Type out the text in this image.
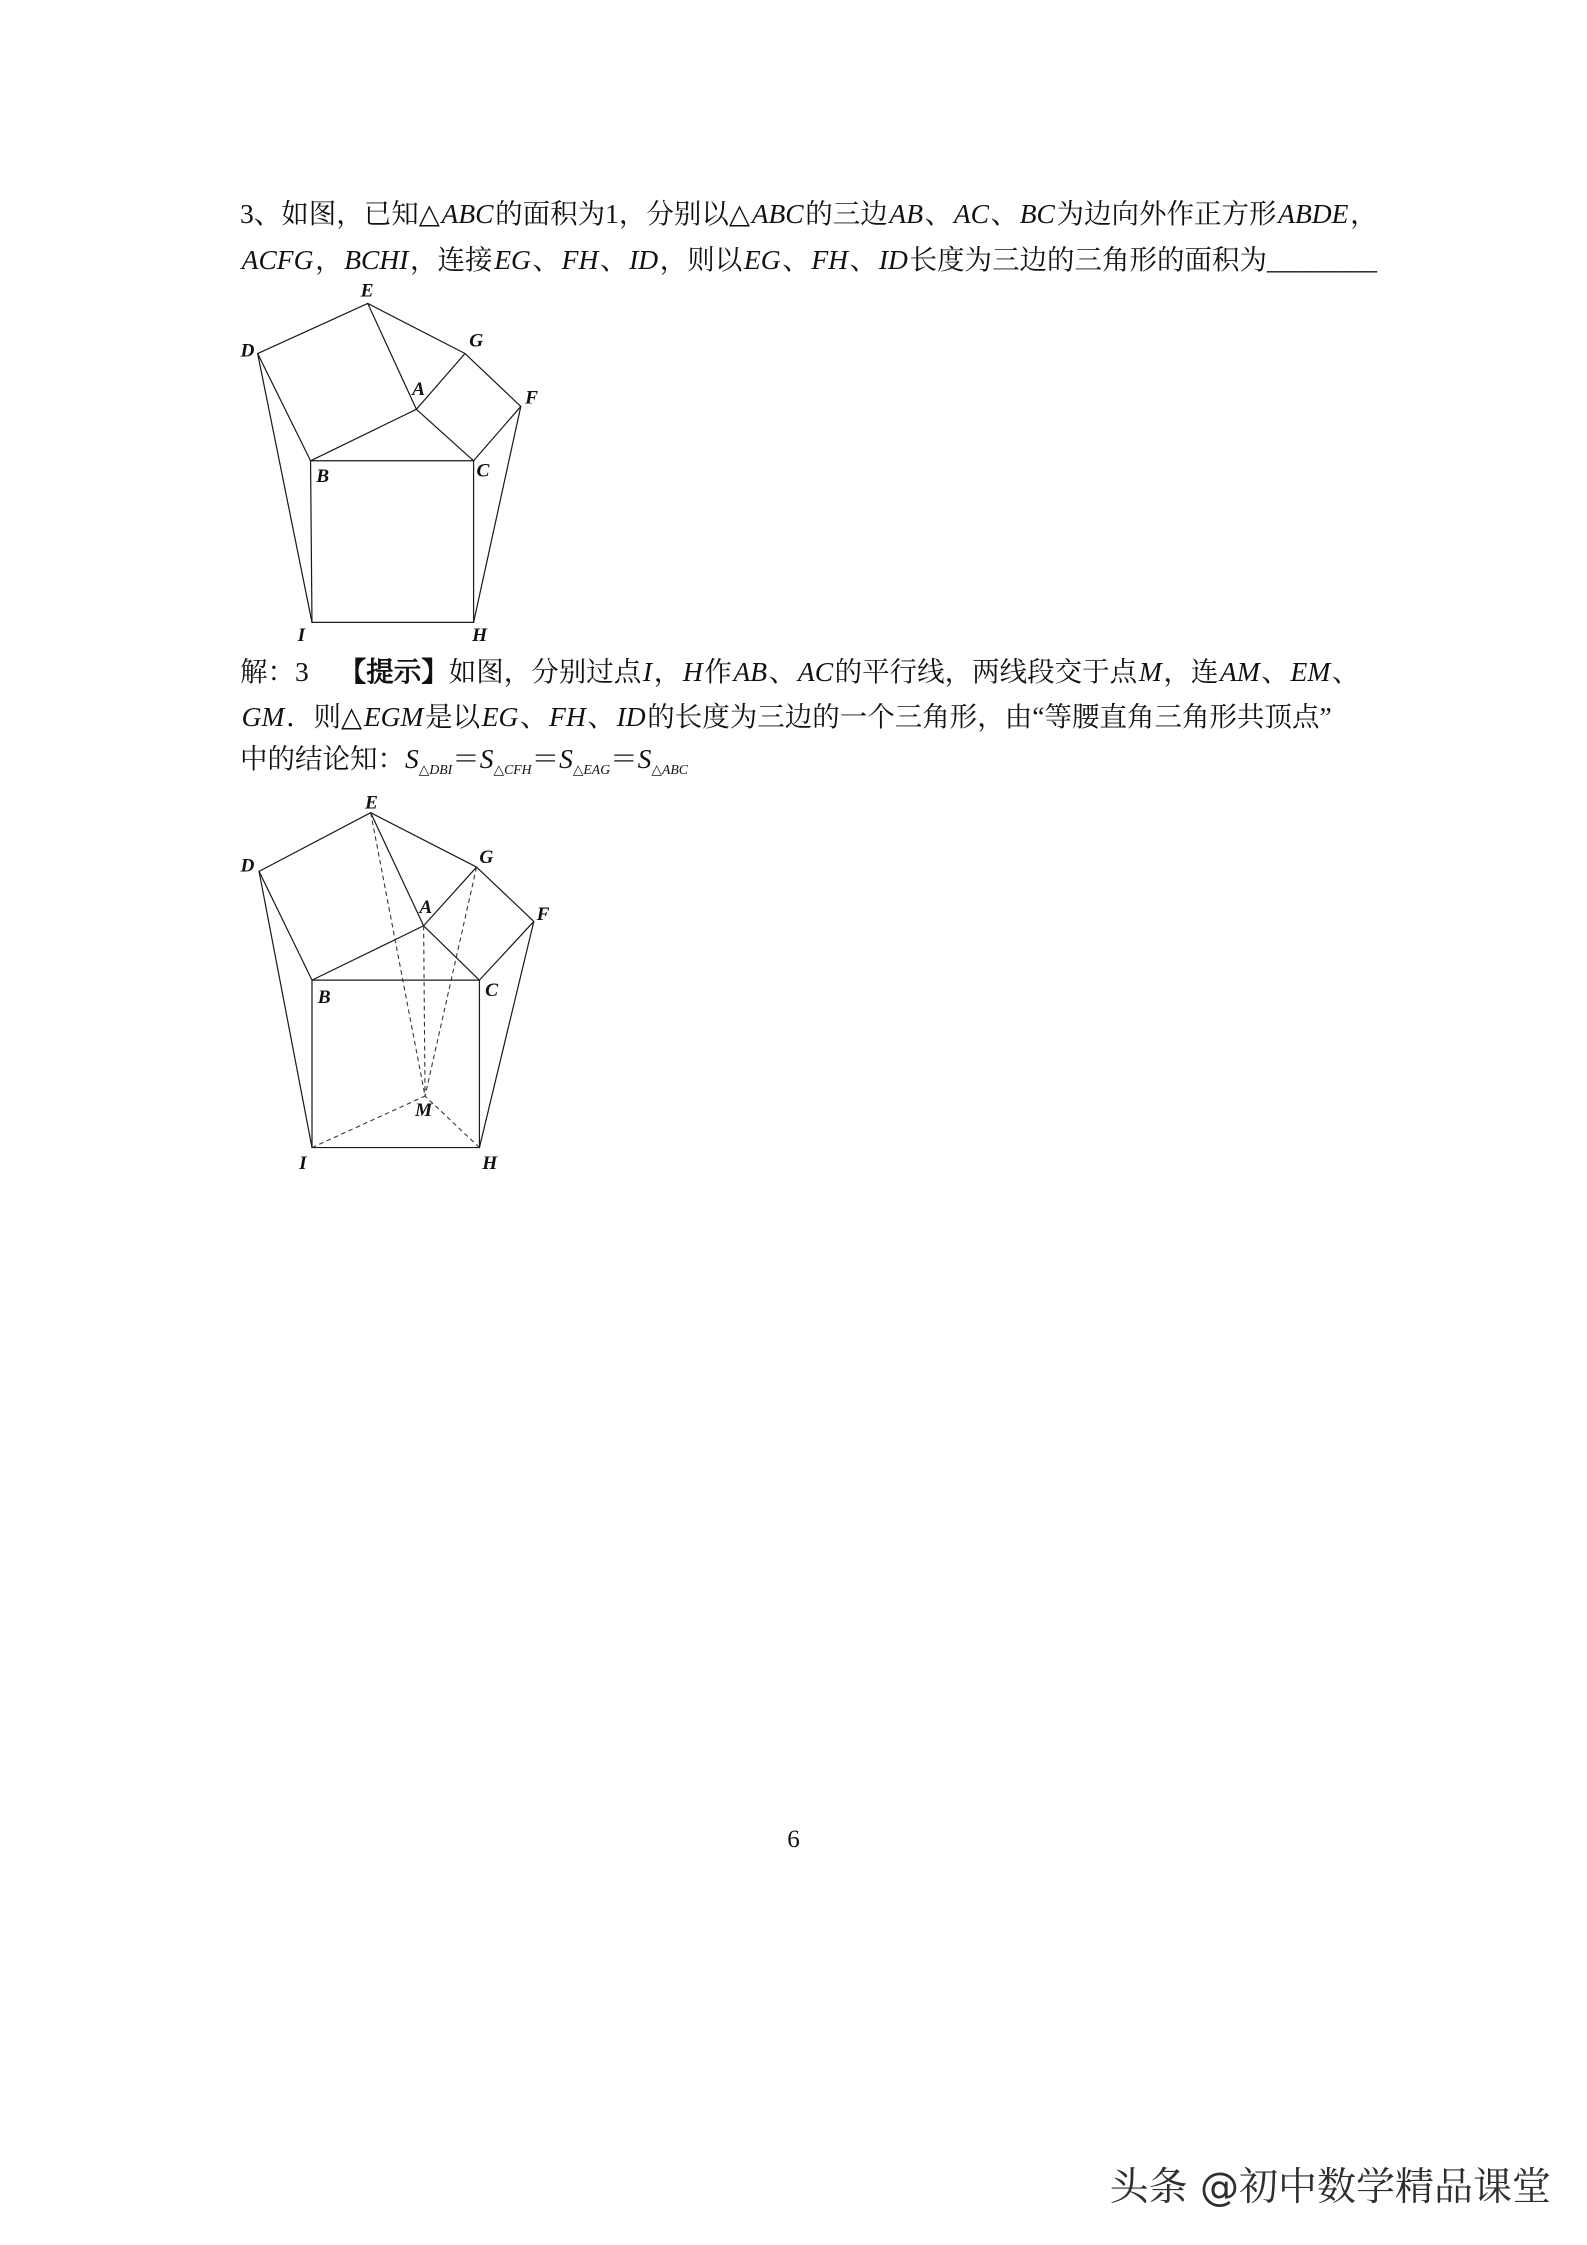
3、如图，已知△ABC的面积为1，分别以△ABC的三边AB、AC、BC为边向外作正方形ABDE，
ACFG，BCHI，连接EG、FH、ID，则以EG、FH、ID长度为三边的三角形的面积为________
E
D	G
A	F
B	C
I	H
解：3 【提示】如图，分别过点I，H作AB、AC的平行线，两线段交于点M，连AM、EM、
GM．则△EGM是以EG、FH、ID的长度为三边的一个三角形，由“等腰直角三角形共顶点”
中的结论知：$S_{\triangle DBI}=S_{\triangle CFH}=S_{\triangle EAG}=S_{\triangle ABC}$
E
D	G
A	F
B	C
M
I	H
6
头条 @初中数学精品课堂
